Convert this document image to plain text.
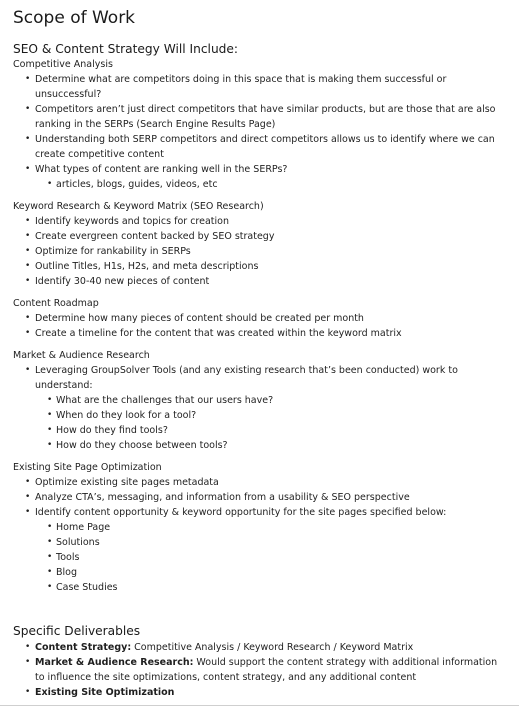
Scope of Work
SEO & Content Strategy Will Include:
Competitive Analysis
• Determine what are competitors doing in this space that is making them successful or unsuccessful?
• Competitors aren’t just direct competitors that have similar products, but are those that are also ranking in the SERPs (Search Engine Results Page)
• Understanding both SERP competitors and direct competitors allows us to identify where we can create competitive content
• What types of content are ranking well in the SERPs?
• articles, blogs, guides, videos, etc
Keyword Research & Keyword Matrix (SEO Research)
• Identify keywords and topics for creation
• Create evergreen content backed by SEO strategy
• Optimize for rankability in SERPs
• Outline Titles, H1s, H2s, and meta descriptions
• Identify 30-40 new pieces of content
Content Roadmap
• Determine how many pieces of content should be created per month
• Create a timeline for the content that was created within the keyword matrix
Market & Audience Research
• Leveraging GroupSolver Tools (and any existing research that’s been conducted) work to understand:
• What are the challenges that our users have?
• When do they look for a tool?
• How do they find tools?
• How do they choose between tools?
Existing Site Page Optimization
• Optimize existing site pages metadata
• Analyze CTA’s, messaging, and information from a usability & SEO perspective
• Identify content opportunity & keyword opportunity for the site pages specified below:
• Home Page
• Solutions
• Tools
• Blog
• Case Studies
Specific Deliverables
• Content Strategy: Competitive Analysis / Keyword Research / Keyword Matrix
• Market & Audience Research: Would support the content strategy with additional information to influence the site optimizations, content strategy, and any additional content
• Existing Site Optimization
